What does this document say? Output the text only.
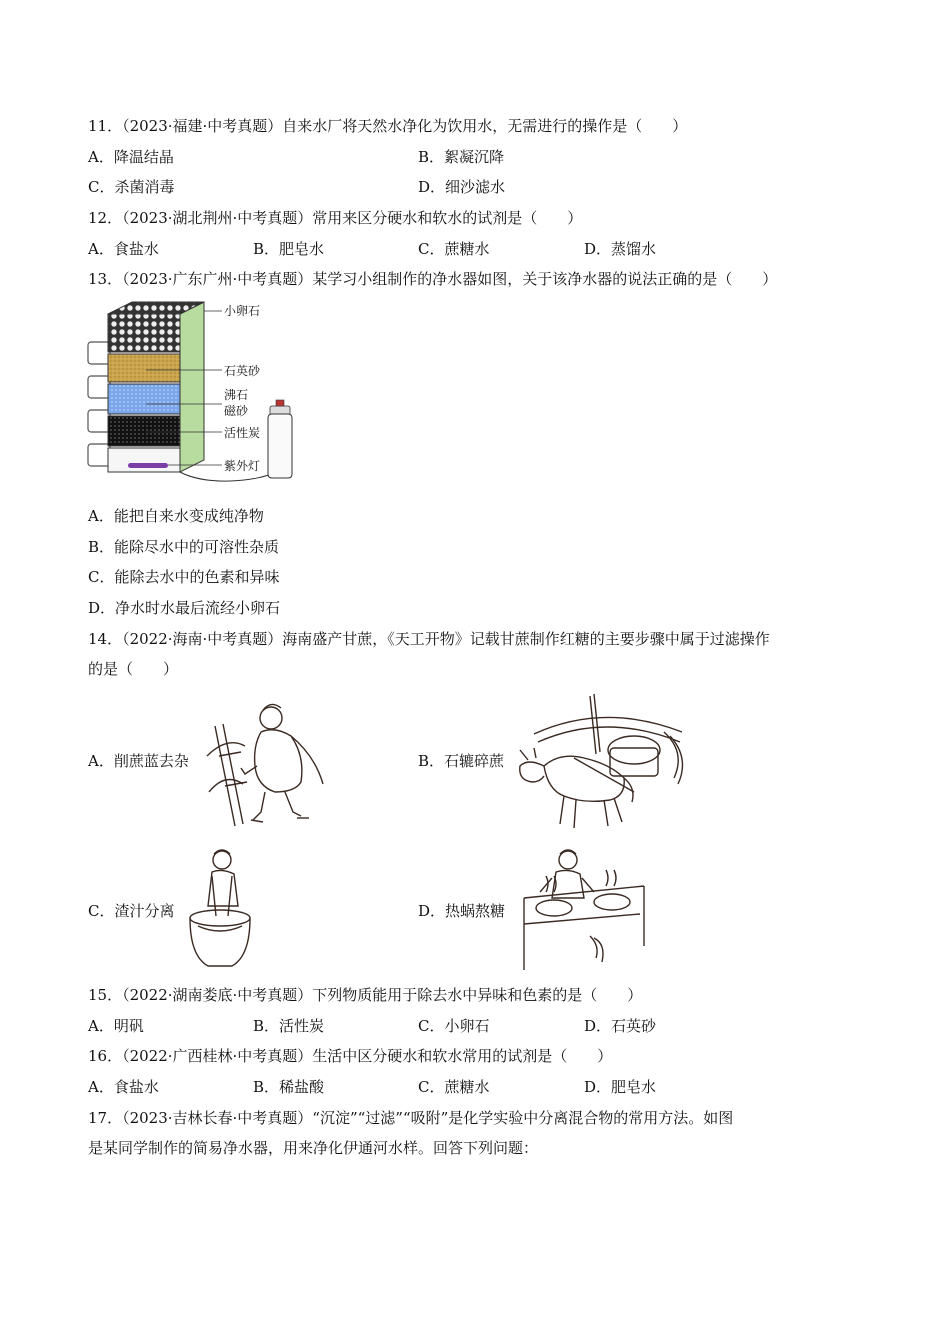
11．（2023·福建·中考真题）自来水厂将天然水净化为饮用水，无需进行的操作是（　　）
A．降温结晶	B．絮凝沉降
C．杀菌消毒	D．细沙滤水
12．（2023·湖北荆州·中考真题）常用来区分硬水和软水的试剂是（　　）
A．食盐水	B．肥皂水	C．蔗糖水	D．蒸馏水
13．（2023·广东广州·中考真题）某学习小组制作的净水器如图，关于该净水器的说法正确的是（　　）
小卵石
石英砂
沸石
磁砂
活性炭
紫外灯
A．能把自来水变成纯净物
B．能除尽水中的可溶性杂质
C．能除去水中的色素和异味
D．净水时水最后流经小卵石
14．（2022·海南·中考真题）海南盛产甘蔗，《天工开物》记载甘蔗制作红糖的主要步骤中属于过滤操作
的是（　　）
A．削蔗蓝去杂	B．石辘碎蔗
C．渣汁分离	D．热蜗熬糖
15．（2022·湖南娄底·中考真题）下列物质能用于除去水中异味和色素的是（　　）
A．明矾	B．活性炭	C．小卵石	D．石英砂
16．（2022·广西桂林·中考真题）生活中区分硬水和软水常用的试剂是（　　）
A．食盐水	B．稀盐酸	C．蔗糖水	D．肥皂水
17．（2023·吉林长春·中考真题）“沉淀”“过滤”“吸附”是化学实验中分离混合物的常用方法。如图
是某同学制作的简易净水器，用来净化伊通河水样。回答下列问题：
